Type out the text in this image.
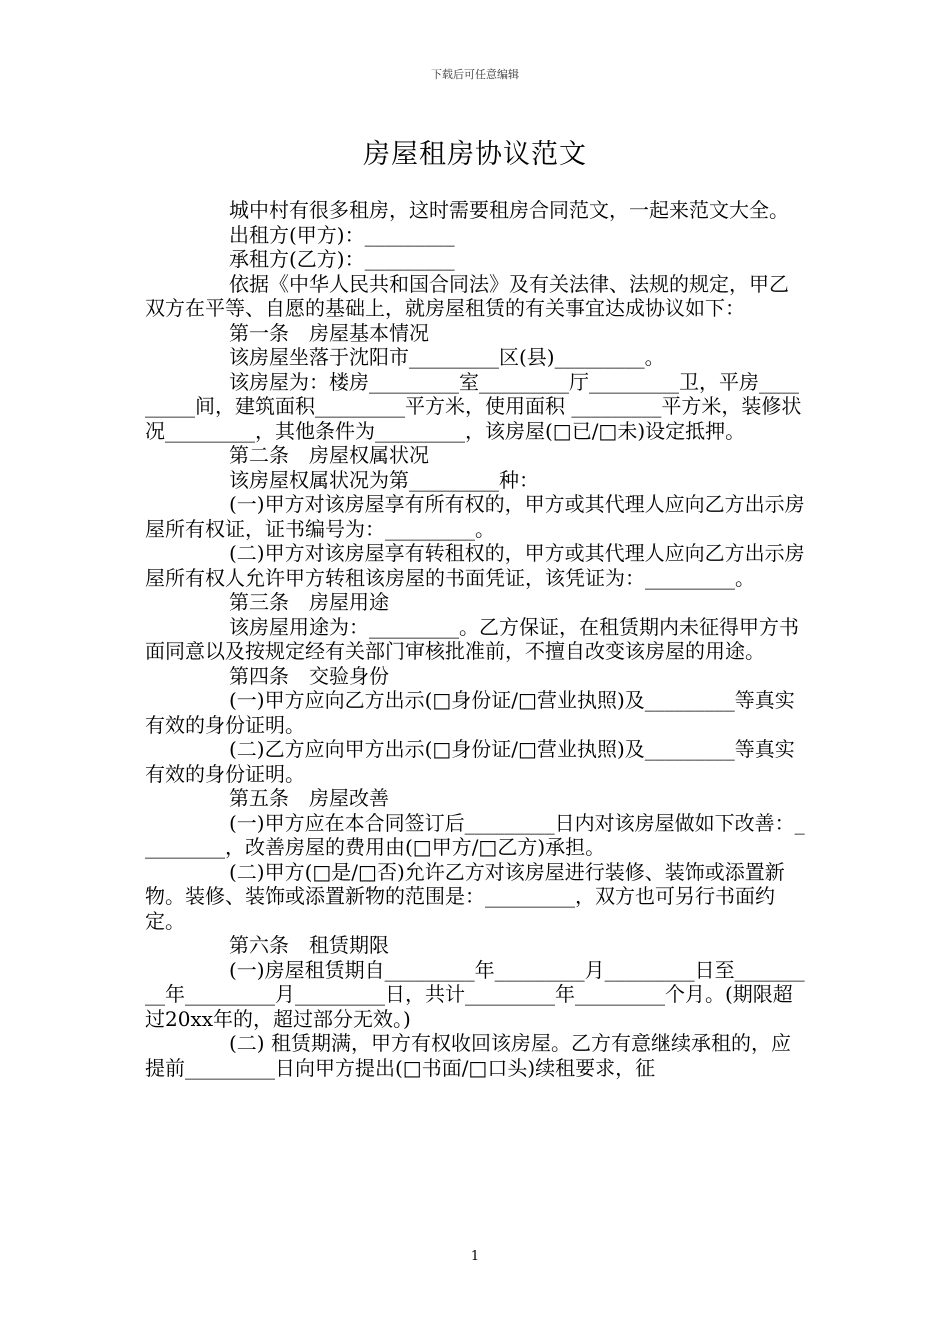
下载后可任意编辑
房屋租房协议范文

城中村有很多租房，这时需要租房合同范文，一起来范文大全。

出租方(甲方)：_________

承租方(乙方)：_________

依据《中华人民共和国合同法》及有关法律、法规的规定，甲乙双方在平等、自愿的基础上，就房屋租赁的有关事宜达成协议如下：

第一条　房屋基本情况

该房屋坐落于沈阳市_________区(县)_________。

该房屋为：楼房_________室_________厅_________卫，平房_________间，建筑面积_________平方米，使用面积 _________平方米，装修状况_________，其他条件为_________，该房屋(□已/□未)设定抵押。

第二条　房屋权属状况

该房屋权属状况为第_________种：

(一)甲方对该房屋享有所有权的，甲方或其代理人应向乙方出示房屋所有权证，证书编号为：_________。

(二)甲方对该房屋享有转租权的，甲方或其代理人应向乙方出示房屋所有权人允许甲方转租该房屋的书面凭证，该凭证为：_________。

第三条　房屋用途

该房屋用途为：_________。乙方保证，在租赁期内未征得甲方书面同意以及按规定经有关部门审核批准前，不擅自改变该房屋的用途。

第四条　交验身份

(一)甲方应向乙方出示(□身份证/□营业执照)及_________等真实有效的身份证明。

(二)乙方应向甲方出示(□身份证/□营业执照)及_________等真实有效的身份证明。

第五条　房屋改善

(一)甲方应在本合同签订后_________日内对该房屋做如下改善：_________，改善房屋的费用由(□甲方/□乙方)承担。

(二)甲方(□是/□否)允许乙方对该房屋进行装修、装饰或添置新物。装修、装饰或添置新物的范围是：_________，双方也可另行书面约定。

第六条　租赁期限

(一)房屋租赁期自_________年_________月_________日至_________年_________月_________日，共计_________年_________个月。(期限超过20xx年的，超过部分无效。)

(二) 租赁期满，甲方有权收回该房屋。乙方有意继续承租的，应提前_________日向甲方提出(□书面/□口头)续租要求，征

1
